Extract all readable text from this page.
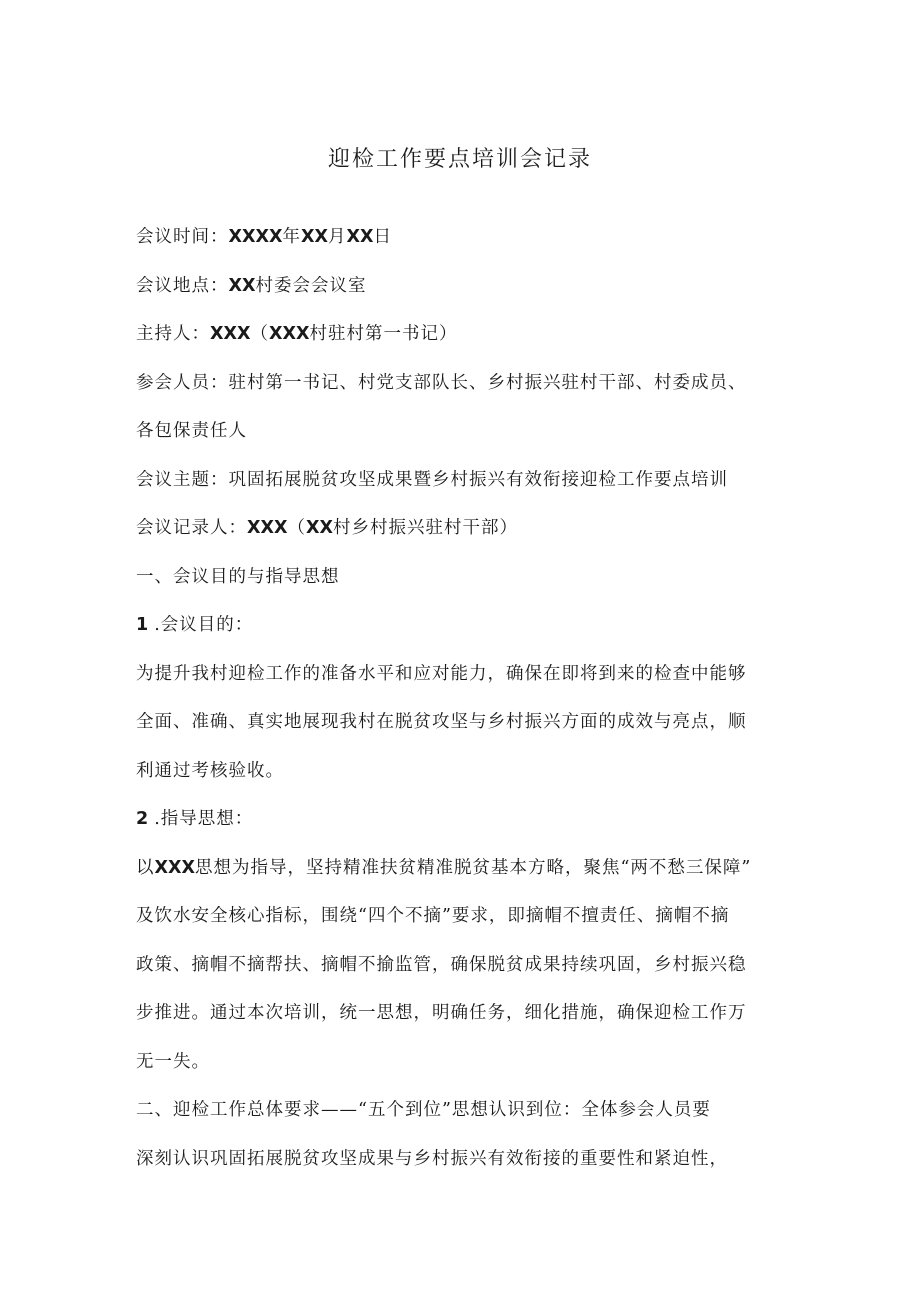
迎检工作要点培训会记录
会议时间：XXXX年XX月XX日
会议地点：XX村委会会议室
主持人：XXX（XXX村驻村第一书记）
参会人员：驻村第一书记、村党支部队长、乡村振兴驻村干部、村委成员、
各包保责任人
会议主题：巩固拓展脱贫攻坚成果暨乡村振兴有效衔接迎检工作要点培训
会议记录人：XXX（XX村乡村振兴驻村干部）
一、会议目的与指导思想
1 .会议目的：
为提升我村迎检工作的准备水平和应对能力，确保在即将到来的检查中能够
全面、准确、真实地展现我村在脱贫攻坚与乡村振兴方面的成效与亮点，顺
利通过考核验收。
2 .指导思想：
以XXX思想为指导，坚持精准扶贫精准脱贫基本方略，聚焦“两不愁三保障”
及饮水安全核心指标，围绕“四个不摘”要求，即摘帽不擅责任、摘帽不摘
政策、摘帽不摘帮扶、摘帽不揄监管，确保脱贫成果持续巩固，乡村振兴稳
步推进。通过本次培训，统一思想，明确任务，细化措施，确保迎检工作万
无一失。
二、迎检工作总体要求——“五个到位”思想认识到位：全体参会人员要
深刻认识巩固拓展脱贫攻坚成果与乡村振兴有效衔接的重要性和紧迫性，
